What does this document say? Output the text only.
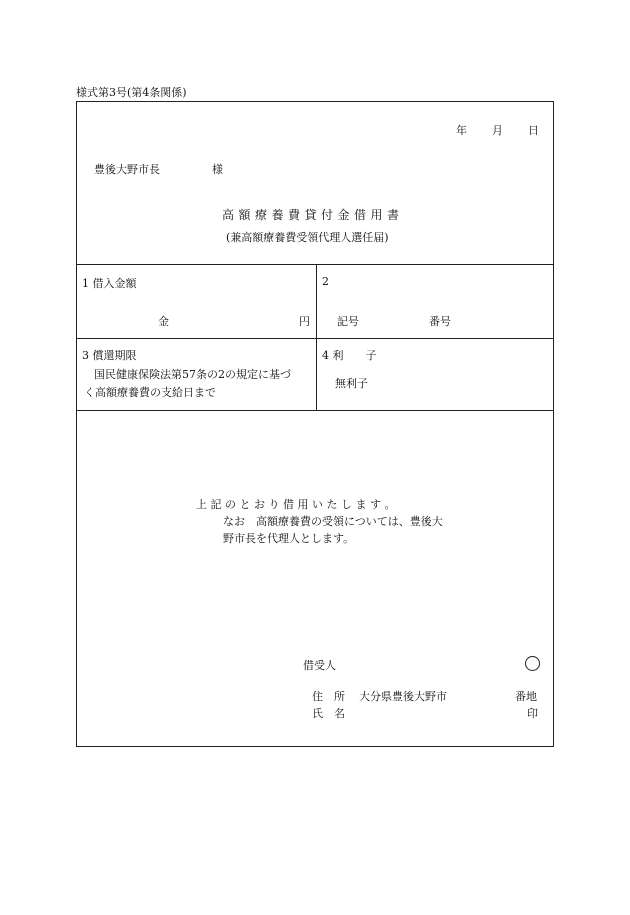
様式第3号(第4条関係)
年 月 日
豊後大野市長	様
高額療養費貸付金借用書
(兼高額療養費受領代理人選任届)
1 借入金額
金	円
2
記号	番号
3 償還期限
国民健康保険法第57条の2の規定に基づ
く高額療養費の支給日まで
4 利　　子
無利子
上 記 の と お り 借 用 い た し ま す 。
なお　高額療養費の受領については、豊後大
野市長を代理人とします。
借受人
住　所 大分県豊後大野市	番地
氏　名	印
